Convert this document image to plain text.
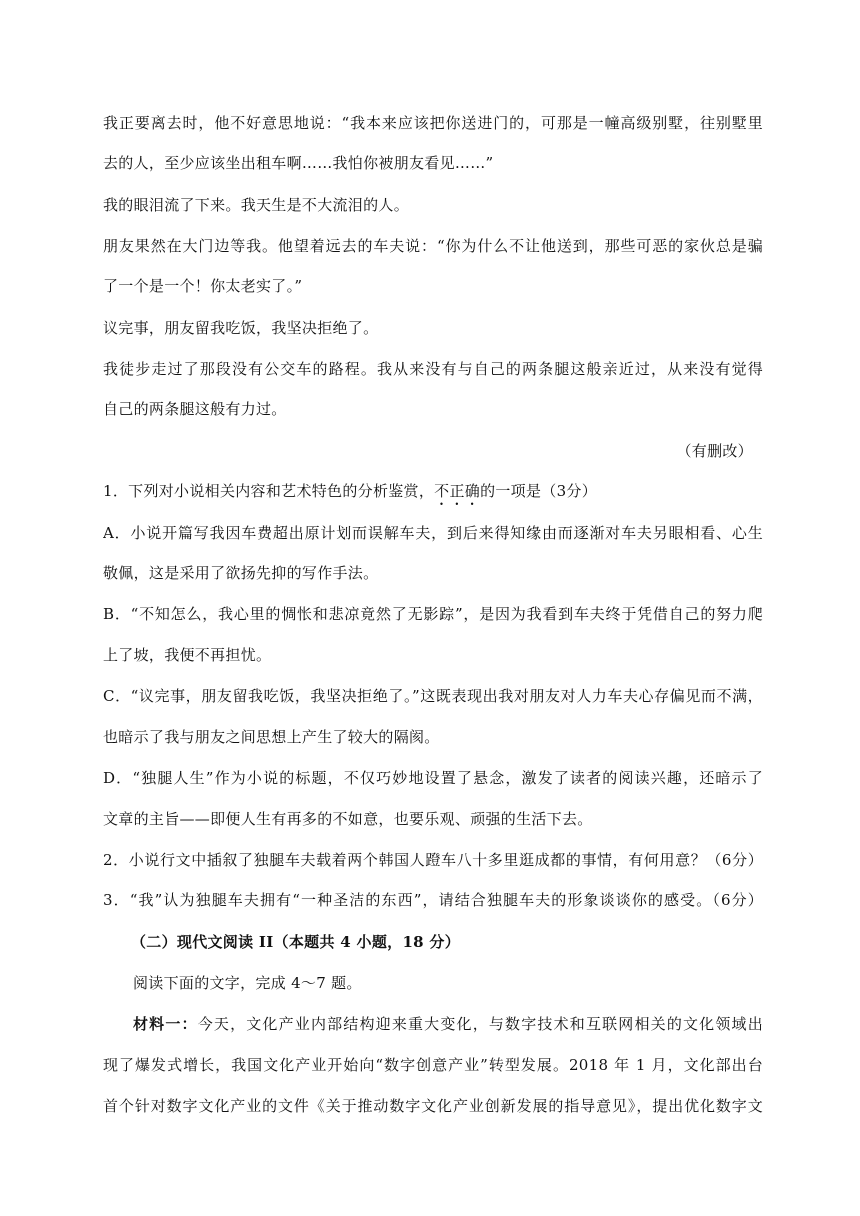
我正要离去时，他不好意思地说：“我本来应该把你送进门的，可那是一幢高级别墅，往别墅里
去的人，至少应该坐出租车啊……我怕你被朋友看见……”
我的眼泪流了下来。我天生是不大流泪的人。
朋友果然在大门边等我。他望着远去的车夫说：“你为什么不让他送到，那些可恶的家伙总是骗
了一个是一个！你太老实了。”
议完事，朋友留我吃饭，我坚决拒绝了。
我徒步走过了那段没有公交车的路程。我从来没有与自己的两条腿这般亲近过，从来没有觉得
自己的两条腿这般有力过。
（有删改）
1．下列对小说相关内容和艺术特色的分析鉴赏，不正确的一项是（3分）
A．小说开篇写我因车费超出原计划而误解车夫，到后来得知缘由而逐渐对车夫另眼相看、心生
敬佩，这是采用了欲扬先抑的写作手法。
B．“不知怎么，我心里的惆怅和悲凉竟然了无影踪”，是因为我看到车夫终于凭借自己的努力爬
上了坡，我便不再担忧。
C．“议完事，朋友留我吃饭，我坚决拒绝了。”这既表现出我对朋友对人力车夫心存偏见而不满，
也暗示了我与朋友之间思想上产生了较大的隔阂。
D．“独腿人生”作为小说的标题，不仅巧妙地设置了悬念，激发了读者的阅读兴趣，还暗示了
文章的主旨——即便人生有再多的不如意，也要乐观、顽强的生活下去。
2．小说行文中插叙了独腿车夫载着两个韩国人蹬车八十多里逛成都的事情，有何用意？（6分）
3．“我”认为独腿车夫拥有“一种圣洁的东西”，请结合独腿车夫的形象谈谈你的感受。（6分）
（二）现代文阅读 II（本题共 4 小题，18 分）
阅读下面的文字，完成 4～7 题。
材料一：今天，文化产业内部结构迎来重大变化，与数字技术和互联网相关的文化领域出
现了爆发式增长，我国文化产业开始向“数字创意产业”转型发展。2018 年 1 月，文化部出台
首个针对数字文化产业的文件《关于推动数字文化产业创新发展的指导意见》，提出优化数字文
